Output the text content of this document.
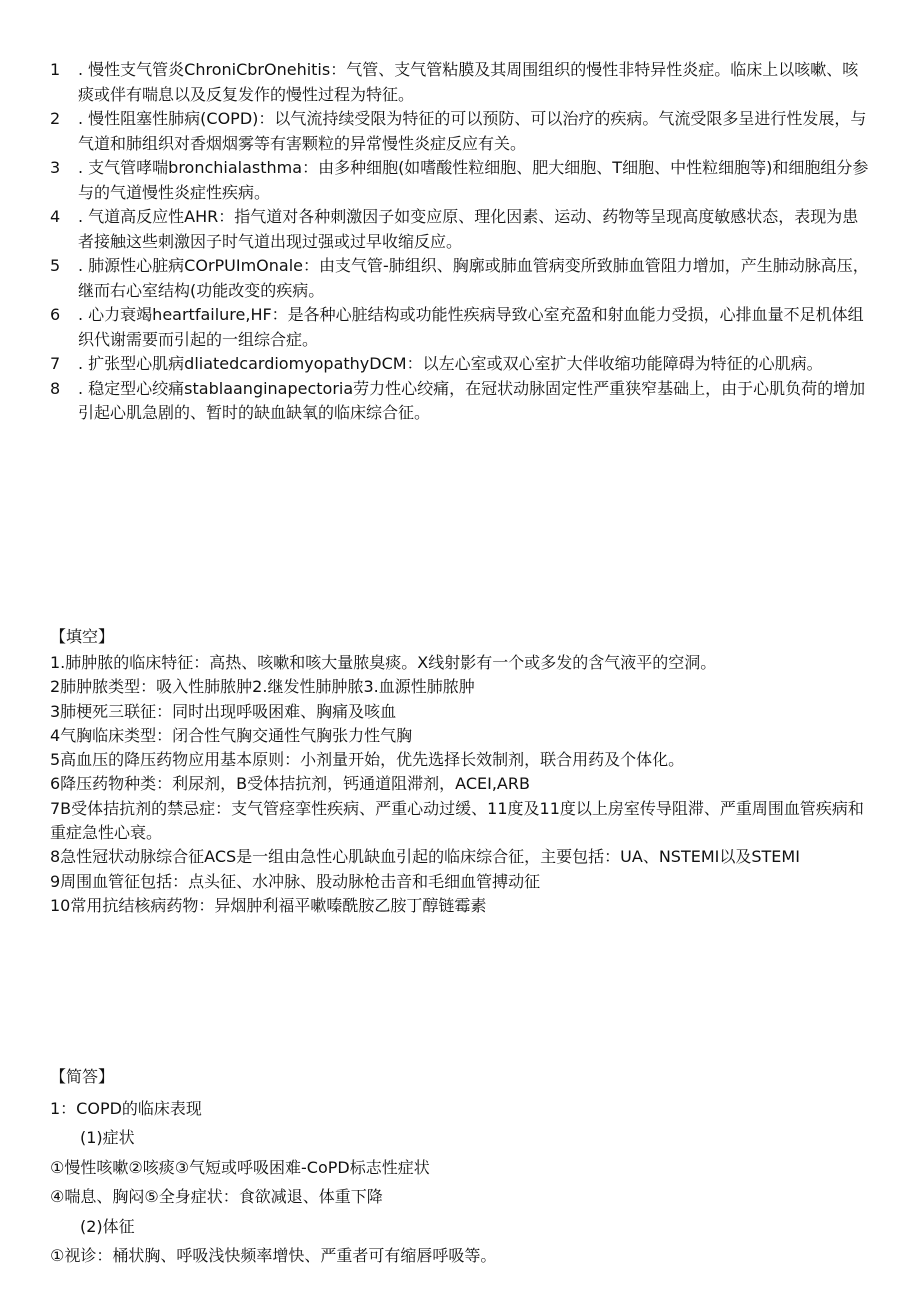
1	. 慢性支气管炎ChroniCbrOnehitis：气管、支气管粘膜及其周围组织的慢性非特异性炎症。临床上以咳嗽、咳痰或伴有喘息以及反复发作的慢性过程为特征。
2	. 慢性阻塞性肺病(COPD)：以气流持续受限为特征的可以预防、可以治疗的疾病。气流受限多呈进行性发展，与气道和肺组织对香烟烟雾等有害颗粒的异常慢性炎症反应有关。
3	. 支气管哮喘bronchialasthma：由多种细胞(如嗜酸性粒细胞、肥大细胞、T细胞、中性粒细胞等)和细胞组分参与的气道慢性炎症性疾病。
4	. 气道高反应性AHR：指气道对各种刺激因子如变应原、理化因素、运动、药物等呈现高度敏感状态，表现为患者接触这些刺激因子时气道出现过强或过早收缩反应。
5	. 肺源性心脏病COrPUImOnale：由支气管-肺组织、胸廓或肺血管病变所致肺血管阻力增加，产生肺动脉高压，继而右心室结构(功能改变的疾病。
6	. 心力衰竭heartfailure,HF：是各种心脏结构或功能性疾病导致心室充盈和射血能力受损，心排血量不足机体组织代谢需要而引起的一组综合症。
7	. 扩张型心肌病dliatedcardiomyopathyDCM：以左心室或双心室扩大伴收缩功能障碍为特征的心肌病。
8	. 稳定型心绞痛stablaanginapectoria劳力性心绞痛，在冠状动脉固定性严重狭窄基础上，由于心肌负荷的增加引起心肌急剧的、暂时的缺血缺氧的临床综合征。
【填空】
1.肺肿脓的临床特征：高热、咳嗽和咳大量脓臭痰。X线射影有一个或多发的含气液平的空洞。
2肺肿脓类型：吸入性肺脓肿2.继发性肺肿脓3.血源性肺脓肿
3肺梗死三联征：同时出现呼吸困难、胸痛及咳血
4气胸临床类型：闭合性气胸交通性气胸张力性气胸
5高血压的降压药物应用基本原则：小剂量开始，优先选择长效制剂，联合用药及个体化。
6降压药物种类：利尿剂，B受体拮抗剂，钙通道阻滞剂，ACEI,ARB
7B受体拮抗剂的禁忌症：支气管痉挛性疾病、严重心动过缓、11度及11度以上房室传导阻滞、严重周围血管疾病和重症急性心衰。
8急性冠状动脉综合征ACS是一组由急性心肌缺血引起的临床综合征，主要包括：UA、NSTEMI以及STEMI
9周围血管征包括：点头征、水冲脉、股动脉枪击音和毛细血管搏动征
10常用抗结核病药物：异烟肿利福平嗽嗪酰胺乙胺丁醇链霉素
【简答】
1：COPD的临床表现
(1)症状
①慢性咳嗽②咳痰③气短或呼吸困难-CoPD标志性症状
④喘息、胸闷⑤全身症状：食欲减退、体重下降
(2)体征
①视诊：桶状胸、呼吸浅快频率增快、严重者可有缩唇呼吸等。
